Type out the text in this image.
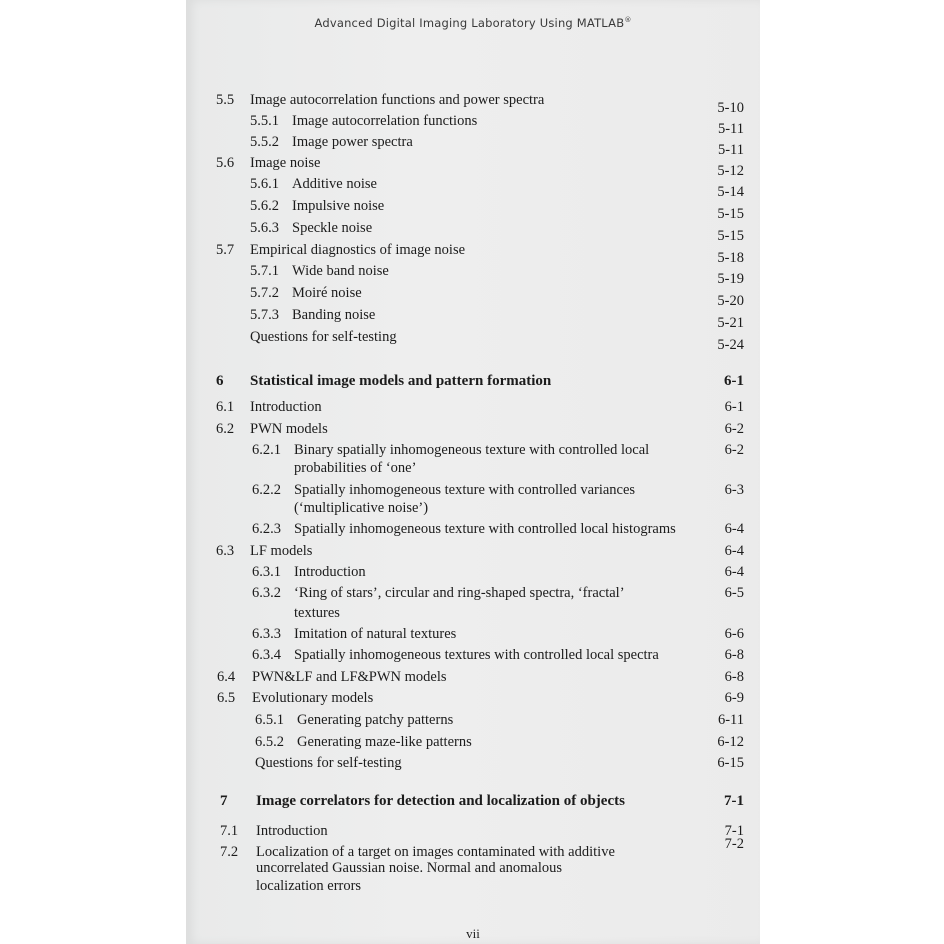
Advanced Digital Imaging Laboratory Using MATLAB®
5.5 Image autocorrelation functions and power spectra	5-10
5.5.1 Image autocorrelation functions	5-11
5.5.2 Image power spectra	5-11
5.6 Image noise	5-12
5.6.1 Additive noise	5-14
5.6.2 Impulsive noise	5-15
5.6.3 Speckle noise	5-15
5.7 Empirical diagnostics of image noise	5-18
5.7.1 Wide band noise	5-19
5.7.2 Moiré noise	5-20
5.7.3 Banding noise	5-21
Questions for self-testing	5-24
6 Statistical image models and pattern formation	6-1
6.1 Introduction	6-1
6.2 PWN models	6-2
6.2.1 Binary spatially inhomogeneous texture with controlled local	6-2
probabilities of ‘one’
6.2.2 Spatially inhomogeneous texture with controlled variances	6-3
(‘multiplicative noise’)
6.2.3 Spatially inhomogeneous texture with controlled local histograms	6-4
6.3 LF models	6-4
6.3.1 Introduction	6-4
6.3.2 ‘Ring of stars’, circular and ring-shaped spectra, ‘fractal’	6-5
textures
6.3.3 Imitation of natural textures	6-6
6.3.4 Spatially inhomogeneous textures with controlled local spectra	6-8
6.4 PWN&LF and LF&PWN models	6-8
6.5 Evolutionary models	6-9
6.5.1 Generating patchy patterns	6-11
6.5.2 Generating maze-like patterns	6-12
Questions for self-testing	6-15
7 Image correlators for detection and localization of objects	7-1
7.1 Introduction	7-1
7.2 Localization of a target on images contaminated with additive	7-2
uncorrelated Gaussian noise. Normal and anomalous
localization errors
vii
